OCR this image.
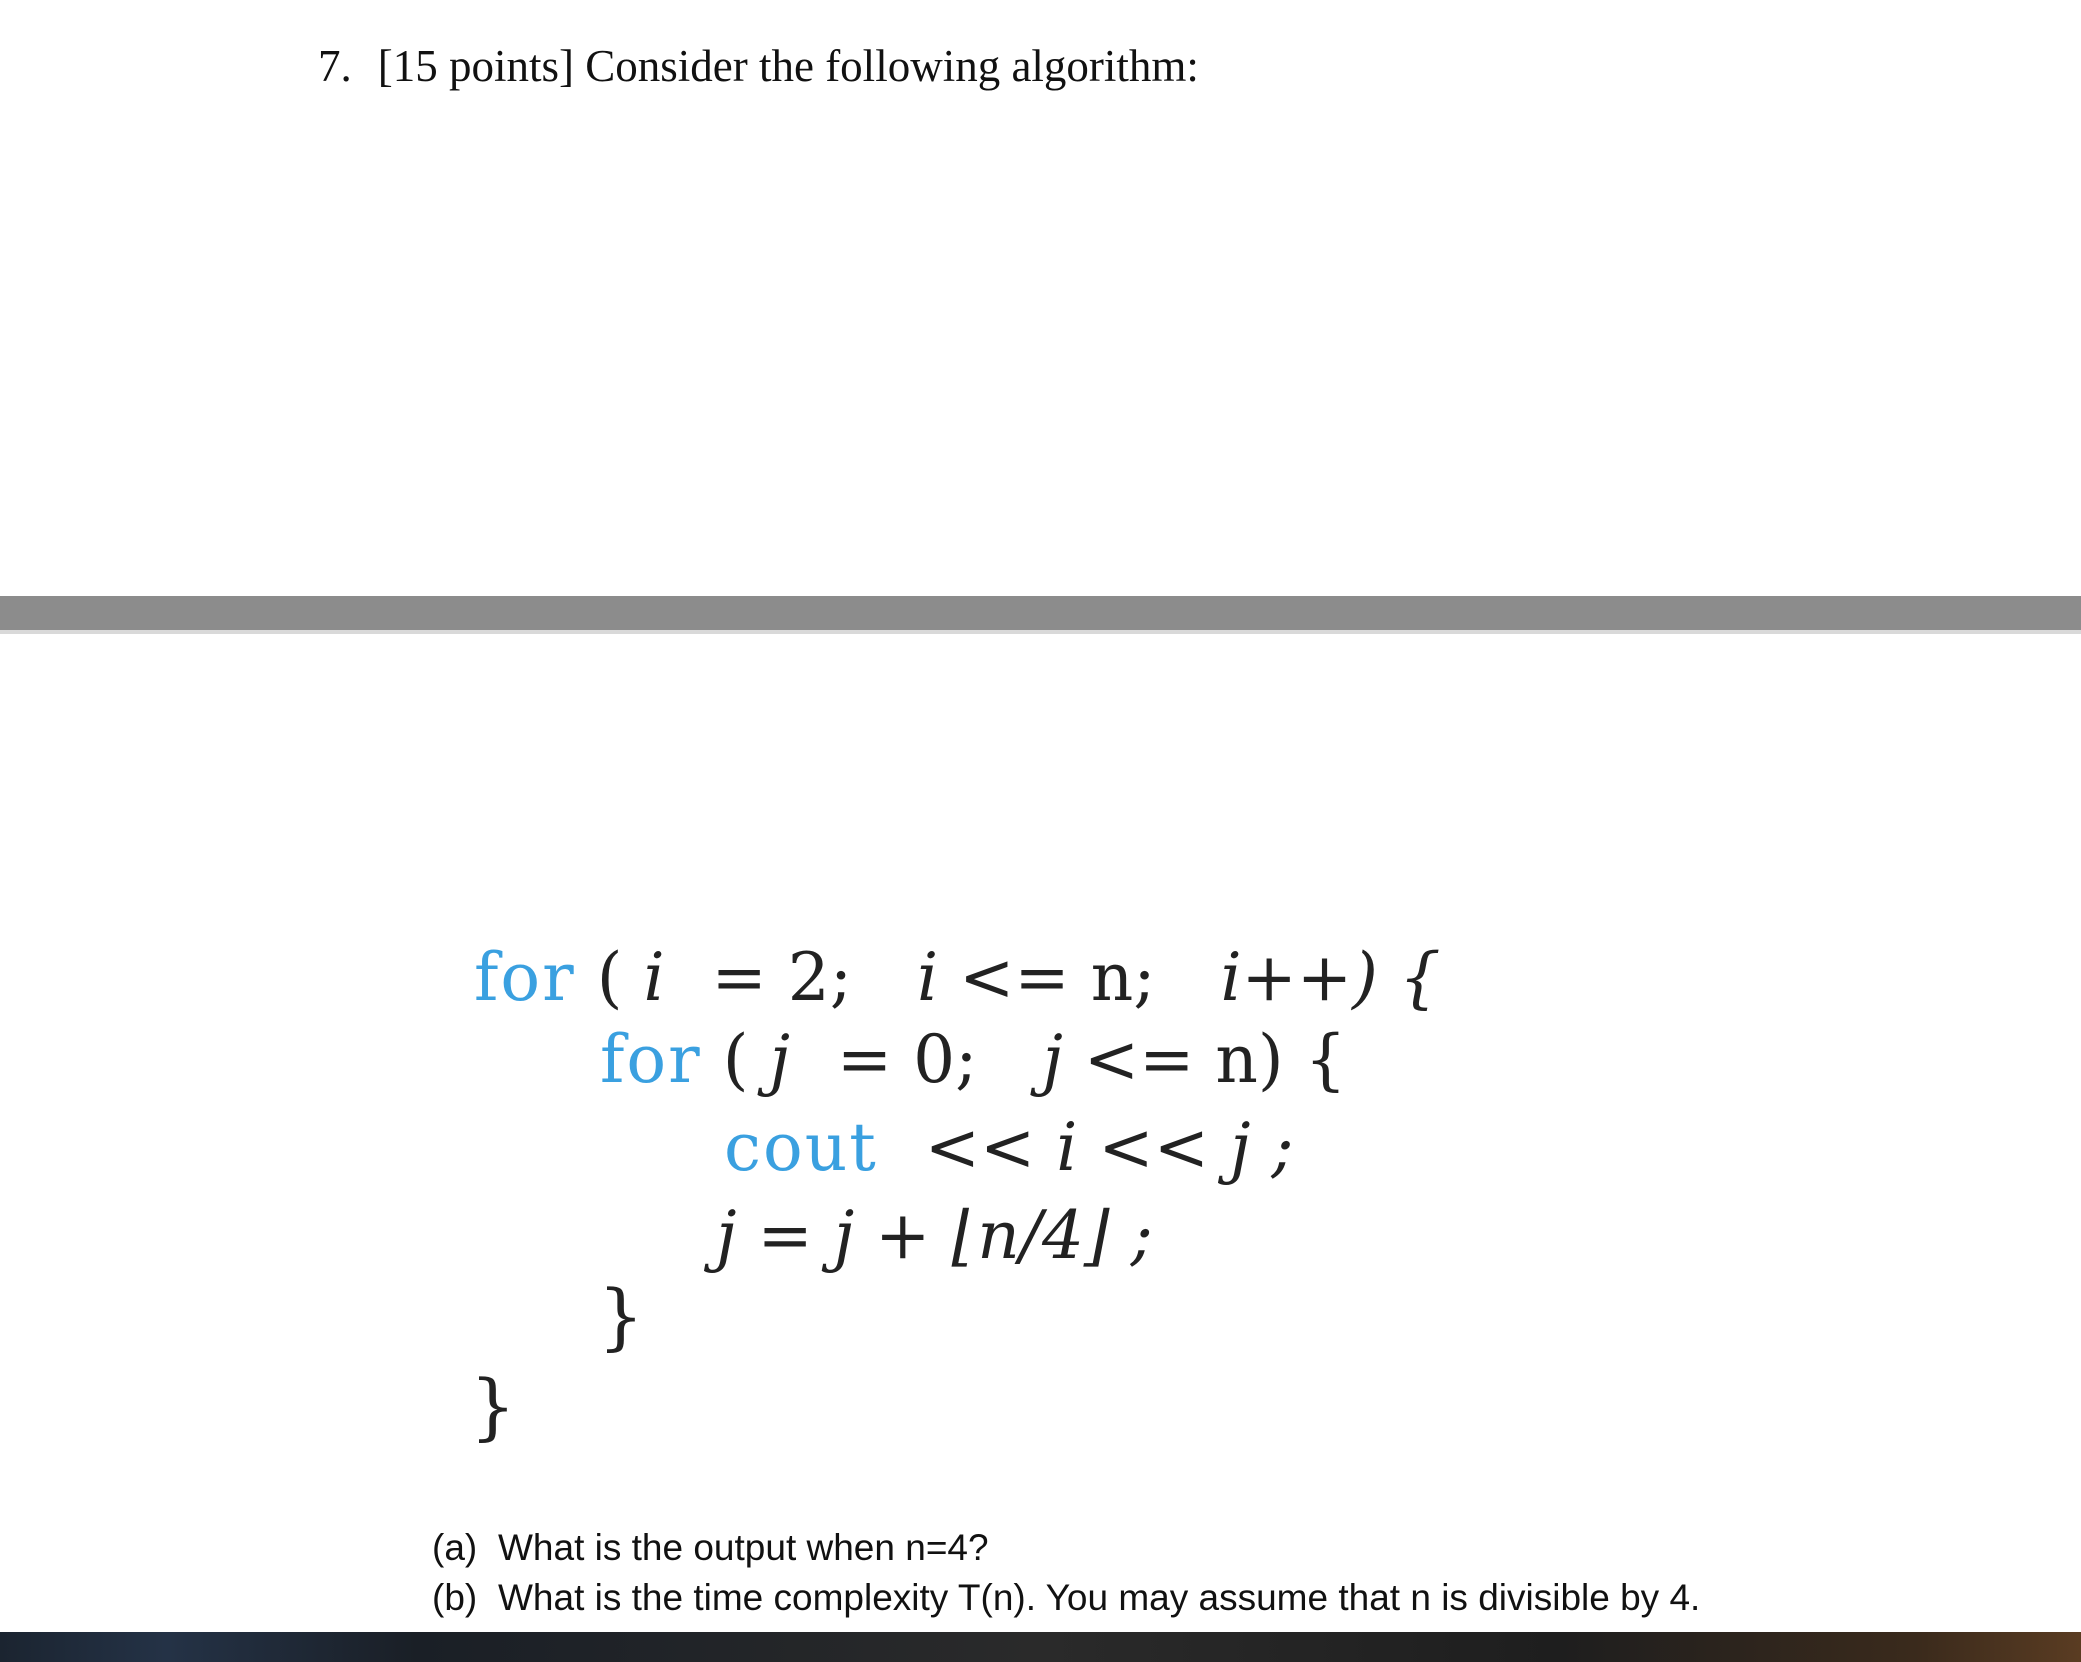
7. [15 points] Consider the following algorithm:
for ( i = 2; i <= n; i++) {
for ( j = 0; j <= n) {
cout << i << j ;
j = j + ⌊n/4⌋ ;
}
}
(a) What is the output when n=4?
(b) What is the time complexity T(n). You may assume that n is divisible by 4.
